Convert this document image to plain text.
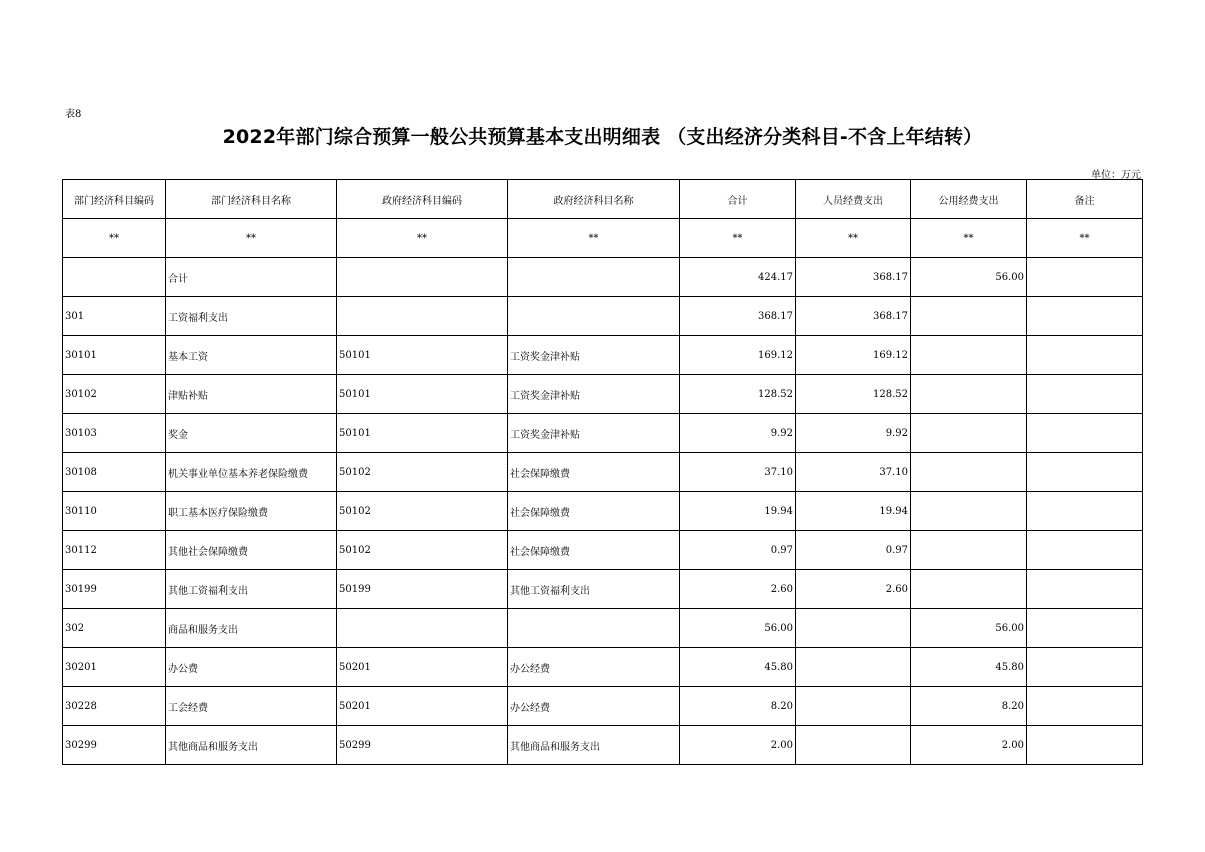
表8
2022年部门综合预算一般公共预算基本支出明细表 （支出经济分类科目-不含上年结转）
单位：万元
部门经济科目编码	部门经济科目名称	政府经济科目编码	政府经济科目名称	合计	人员经费支出	公用经费支出	备注
**	**	**	**	**	**	**	**
	合计			424.17	368.17	56.00	
301	工资福利支出			368.17	368.17		
30101	基本工资	50101	工资奖金津补贴	169.12	169.12		
30102	津贴补贴	50101	工资奖金津补贴	128.52	128.52		
30103	奖金	50101	工资奖金津补贴	9.92	9.92		
30108	机关事业单位基本养老保险缴费	50102	社会保障缴费	37.10	37.10		
30110	职工基本医疗保险缴费	50102	社会保障缴费	19.94	19.94		
30112	其他社会保障缴费	50102	社会保障缴费	0.97	0.97		
30199	其他工资福利支出	50199	其他工资福利支出	2.60	2.60		
302	商品和服务支出			56.00		56.00	
30201	办公费	50201	办公经费	45.80		45.80	
30228	工会经费	50201	办公经费	8.20		8.20	
30299	其他商品和服务支出	50299	其他商品和服务支出	2.00		2.00	
